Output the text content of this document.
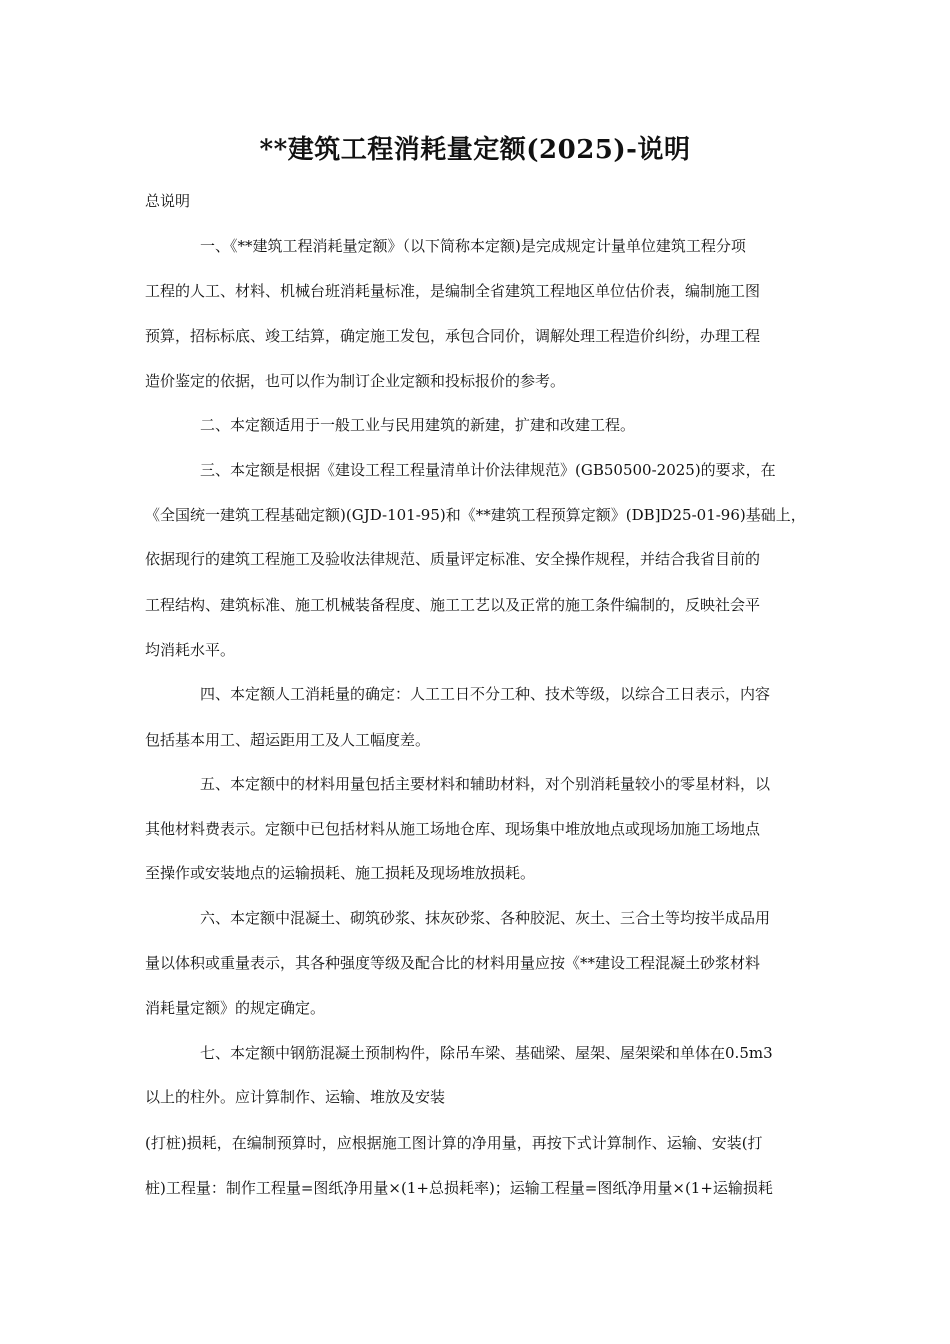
**建筑工程消耗量定额(2025)-说明
总说明
一、《**建筑工程消耗量定额》（以下简称本定额)是完成规定计量单位建筑工程分项
工程的人工、材料、机械台班消耗量标准，是编制全省建筑工程地区单位估价表，编制施工图
预算，招标标底、竣工结算，确定施工发包，承包合同价，调解处理工程造价纠纷，办理工程
造价鉴定的依据，也可以作为制订企业定额和投标报价的参考。
二、本定额适用于一般工业与民用建筑的新建，扩建和改建工程。
三、本定额是根据《建设工程工程量清单计价法律规范》(GB50500-2025)的要求，在
《全国统一建筑工程基础定额)(GJD-101-95)和《**建筑工程预算定额》(DB]D25-01-96)基础上，
依据现行的建筑工程施工及验收法律规范、质量评定标准、安全操作规程，并结合我省目前的
工程结构、建筑标准、施工机械装备程度、施工工艺以及正常的施工条件编制的，反映社会平
均消耗水平。
四、本定额人工消耗量的确定：人工工日不分工种、技术等级，以综合工日表示，内容
包括基本用工、超运距用工及人工幅度差。
五、本定额中的材料用量包括主要材料和辅助材料，对个别消耗量较小的零星材料，以
其他材料费表示。定额中已包括材料从施工场地仓库、现场集中堆放地点或现场加施工场地点
至操作或安装地点的运输损耗、施工损耗及现场堆放损耗。
六、本定额中混凝土、砌筑砂浆、抹灰砂浆、各种胶泥、灰土、三合土等均按半成品用
量以体积或重量表示，其各种强度等级及配合比的材料用量应按《**建设工程混凝土砂浆材料
消耗量定额》的规定确定。
七、本定额中钢筋混凝土预制构件，除吊车梁、基础梁、屋架、屋架梁和单体在0.5m3
以上的柱外。应计算制作、运输、堆放及安装
(打桩)损耗，在编制预算时，应根据施工图计算的净用量，再按下式计算制作、运输、安装(打
桩)工程量：制作工程量=图纸净用量×(1+总损耗率)；运输工程量=图纸净用量×(1+运输损耗
